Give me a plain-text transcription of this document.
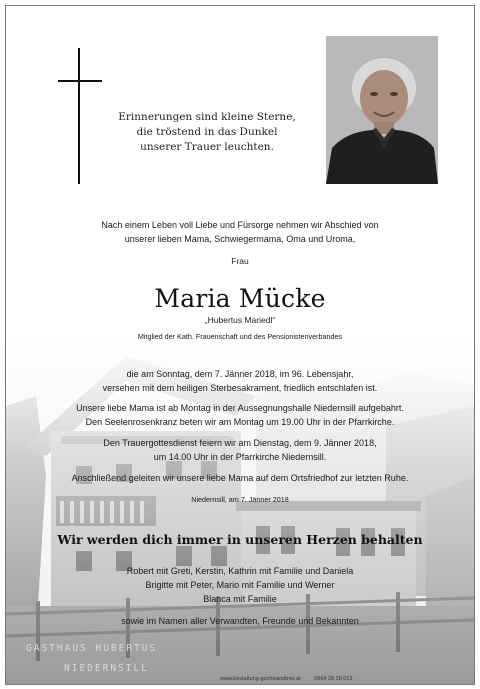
Erinnerungen sind kleine Sterne,
die tröstend in das Dunkel
unserer Trauer leuchten.
Nach einem Leben voll Liebe und Fürsorge nehmen wir Abschied von
unserer lieben Mama, Schwiegermama, Oma und Uroma,
Frau
Maria Mücke
„Hubertus Mariedl“
Mitglied der Kath. Frauenschaft und des Pensionistenverbandes
die am Sonntag, dem 7. Jänner 2018, im 96. Lebensjahr,
versehen mit dem heiligen Sterbesakrament, friedlich entschlafen ist.
Unsere liebe Mama ist ab Montag in der Aussegnungshalle Niedernsill aufgebahrt.
Den Seelenrosenkranz beten wir am Montag um 19.00 Uhr in der Pfarrkirche.
Den Trauergottesdienst feiern wir am Dienstag, dem 9. Jänner 2018,
um 14.00 Uhr in der Pfarrkirche Niedernsill.
Anschließend geleiten wir unsere liebe Mama auf dem Ortsfriedhof zur letzten Ruhe.
Niedernsill, am 7. Jänner 2018
Wir werden dich immer in unseren Herzen behalten
Robert mit Greti, Kerstin, Kathrin mit Familie und Daniela
Brigitte mit Peter, Mario mit Familie und Werner
Blanca mit Familie
sowie im Namen aller Verwandten, Freunde und Bekannten
GASTHAUS HUBERTUS
NIEDERNSILL
www.bestattung-gschwandtner.at 0664 28 28 013
